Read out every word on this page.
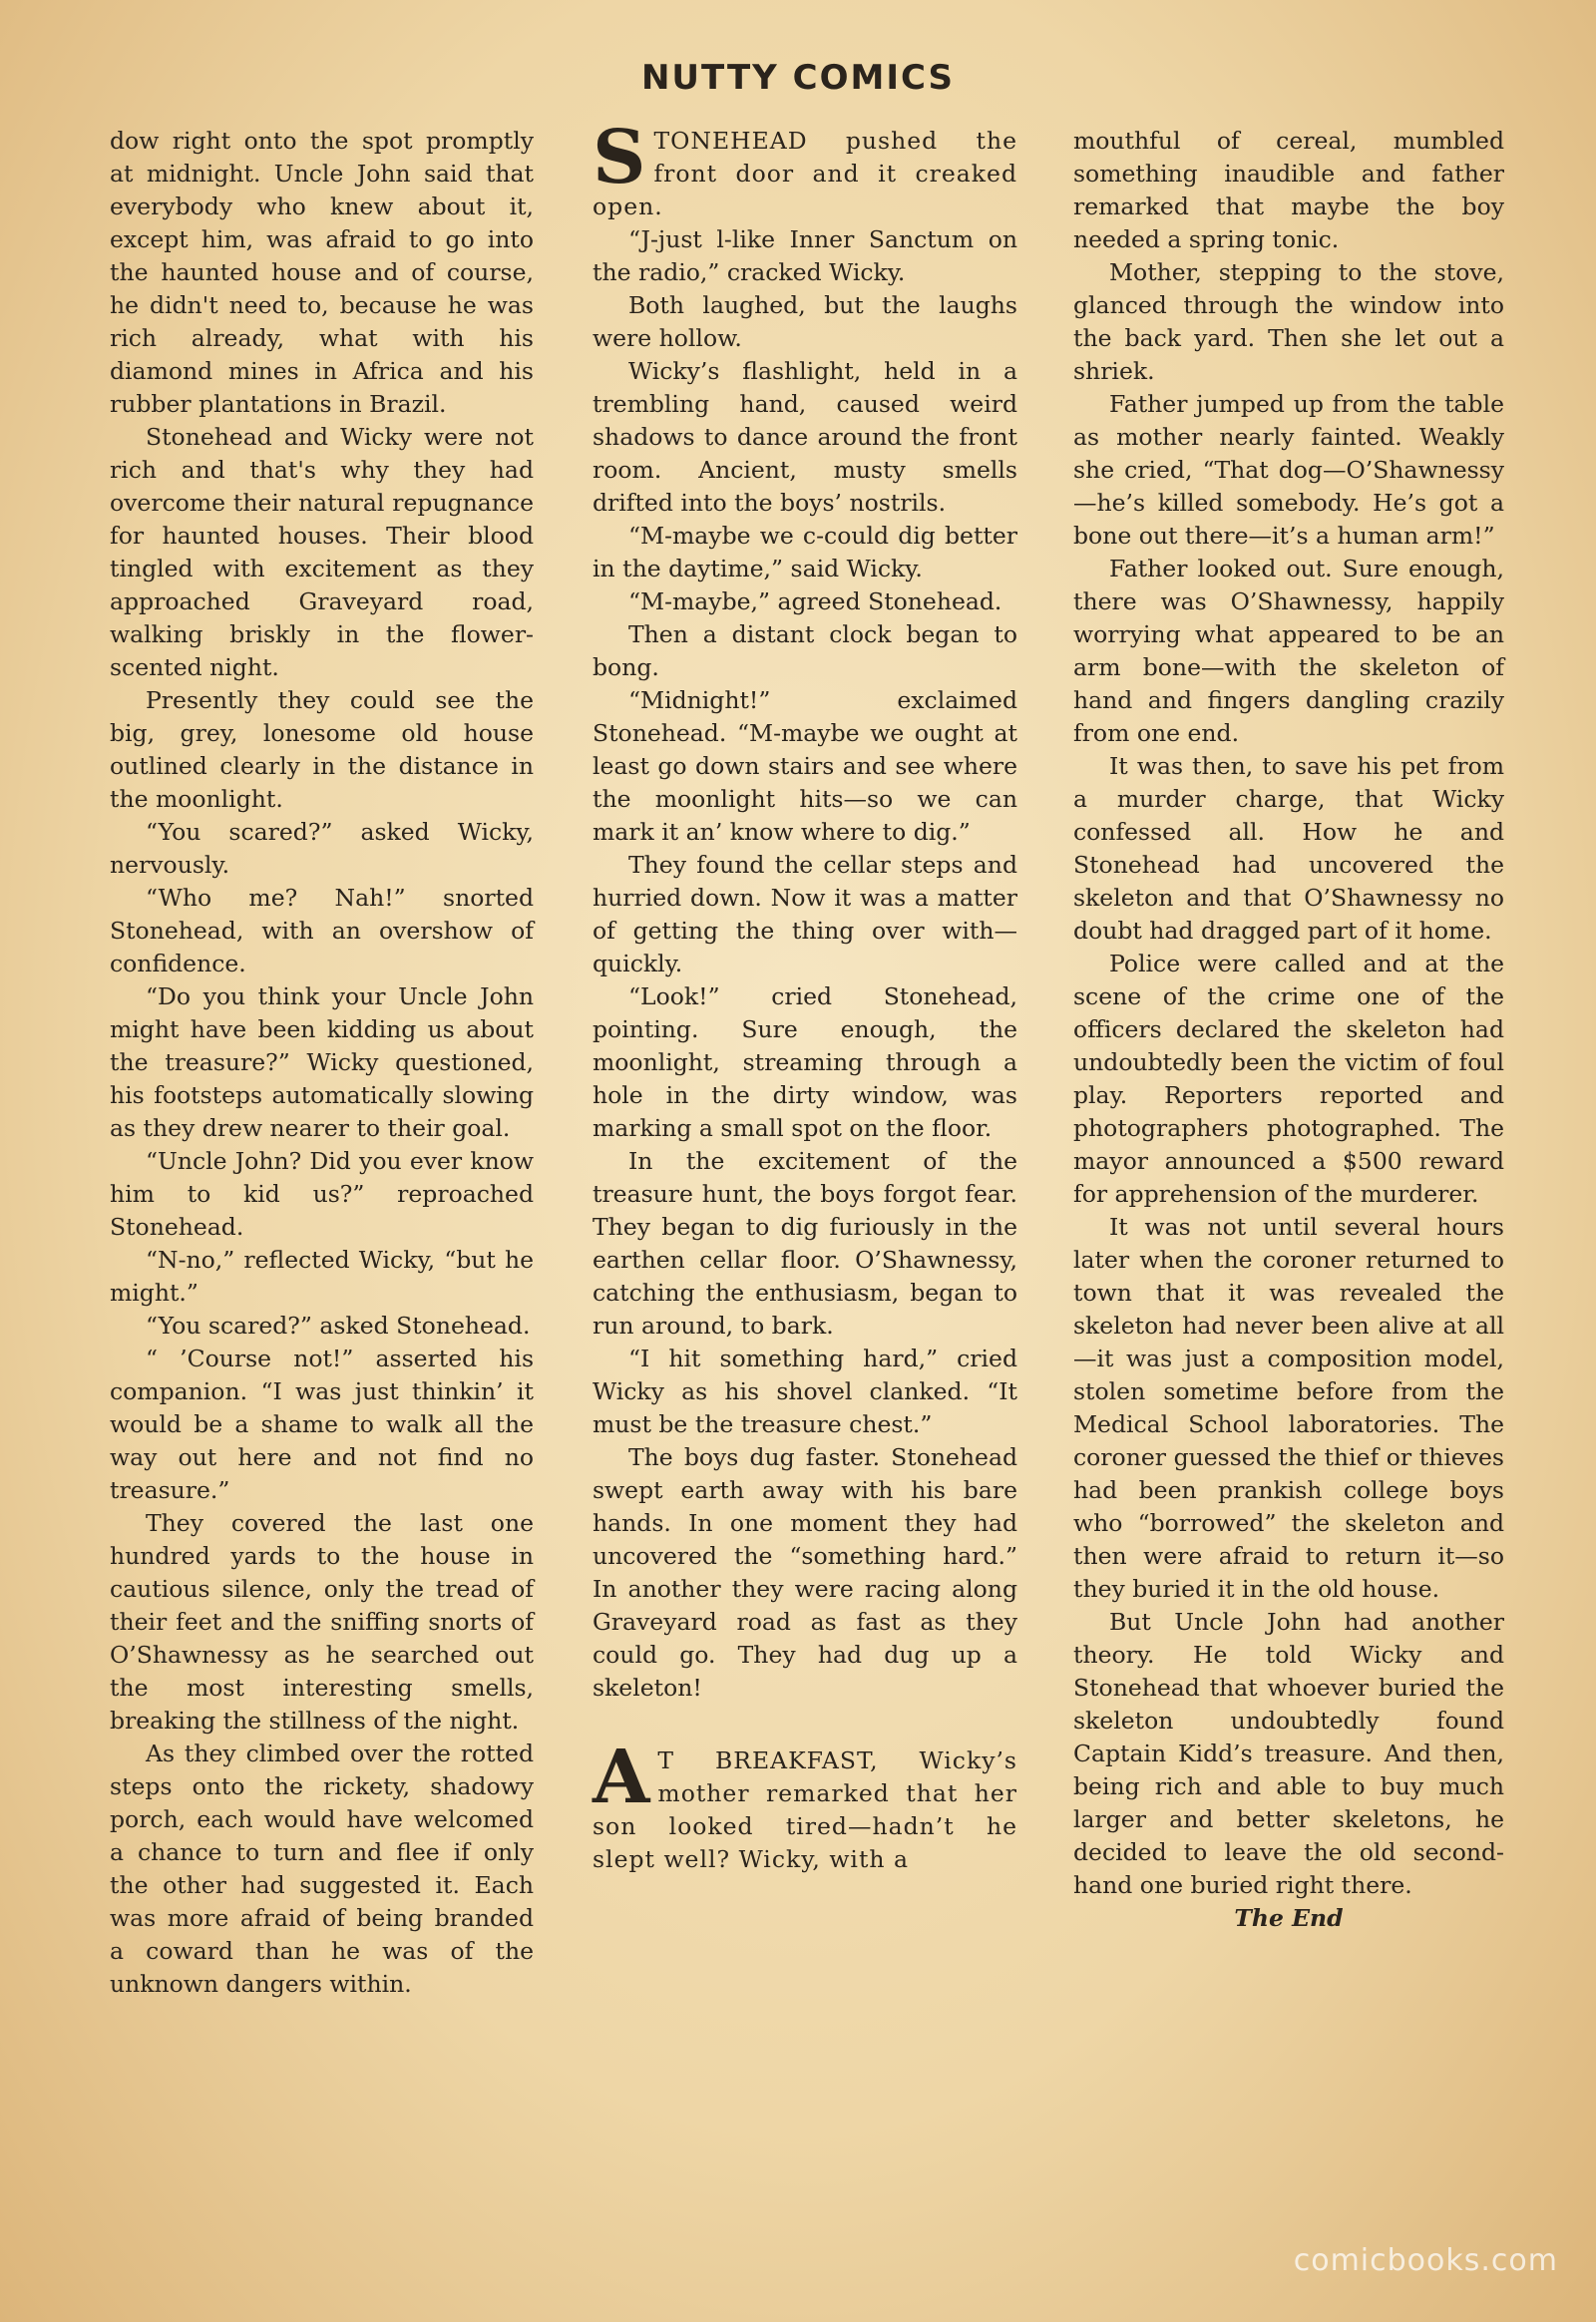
NUTTY COMICS

dow right onto the spot promptly at midnight. Uncle John said that everybody who knew about it, except him, was afraid to go into the haunted house and of course, he didn't need to, because he was rich already, what with his diamond mines in Africa and his rubber plantations in Brazil.

Stonehead and Wicky were not rich and that's why they had overcome their natural repugnance for haunted houses. Their blood tingled with excitement as they approached Graveyard road, walking briskly in the flower-scented night.

Presently they could see the big, grey, lonesome old house outlined clearly in the distance in the moonlight.

“You scared?” asked Wicky, nervously.

“Who me? Nah!” snorted Stonehead, with an overshow of confidence.

“Do you think your Uncle John might have been kidding us about the treasure?” Wicky questioned, his footsteps automatically slowing as they drew nearer to their goal.

“Uncle John? Did you ever know him to kid us?” reproached Stonehead.

“N-no,” reflected Wicky, “but he might.”

“You scared?” asked Stonehead.

“ ’Course not!” asserted his companion. “I was just thinkin’ it would be a shame to walk all the way out here and not find no treasure.”

They covered the last one hundred yards to the house in cautious silence, only the tread of their feet and the sniffing snorts of O’Shawnessy as he searched out the most interesting smells, breaking the stillness of the night.

As they climbed over the rotted steps onto the rickety, shadowy porch, each would have welcomed a chance to turn and flee if only the other had suggested it. Each was more afraid of being branded a coward than he was of the unknown dangers within.

STONEHEAD pushed the front door and it creaked open.

“J-just l-like Inner Sanctum on the radio,” cracked Wicky.

Both laughed, but the laughs were hollow.

Wicky’s flashlight, held in a trembling hand, caused weird shadows to dance around the front room. Ancient, musty smells drifted into the boys’ nostrils.

“M-maybe we c-could dig better in the daytime,” said Wicky.

“M-maybe,” agreed Stonehead.

Then a distant clock began to bong.

“Midnight!” exclaimed Stonehead. “M-maybe we ought at least go down stairs and see where the moonlight hits—so we can mark it an’ know where to dig.”

They found the cellar steps and hurried down. Now it was a matter of getting the thing over with—quickly.

“Look!” cried Stonehead, pointing. Sure enough, the moonlight, streaming through a hole in the dirty window, was marking a small spot on the floor.

In the excitement of the treasure hunt, the boys forgot fear. They began to dig furiously in the earthen cellar floor. O’Shawnessy, catching the enthusiasm, began to run around, to bark.

“I hit something hard,” cried Wicky as his shovel clanked. “It must be the treasure chest.”

The boys dug faster. Stonehead swept earth away with his bare hands. In one moment they had uncovered the “something hard.” In another they were racing along Graveyard road as fast as they could go. They had dug up a skeleton!

A T BREAKFAST, Wicky’s mother remarked that her son looked tired—hadn’t he slept well? Wicky, with a

mouthful of cereal, mumbled something inaudible and father remarked that maybe the boy needed a spring tonic.

Mother, stepping to the stove, glanced through the window into the back yard. Then she let out a shriek.

Father jumped up from the table as mother nearly fainted. Weakly she cried, “That dog—O’Shawnessy—he’s killed somebody. He’s got a bone out there—it’s a human arm!”

Father looked out. Sure enough, there was O’Shawnessy, happily worrying what appeared to be an arm bone—with the skeleton of hand and fingers dangling crazily from one end.

It was then, to save his pet from a murder charge, that Wicky confessed all. How he and Stonehead had uncovered the skeleton and that O’Shawnessy no doubt had dragged part of it home.

Police were called and at the scene of the crime one of the officers declared the skeleton had undoubtedly been the victim of foul play. Reporters reported and photographers photographed. The mayor announced a $500 reward for apprehension of the murderer.

It was not until several hours later when the coroner returned to town that it was revealed the skeleton had never been alive at all—it was just a composition model, stolen sometime before from the Medical School laboratories. The coroner guessed the thief or thieves had been prankish college boys who “borrowed” the skeleton and then were afraid to return it—so they buried it in the old house.

But Uncle John had another theory. He told Wicky and Stonehead that whoever buried the skeleton undoubtedly found Captain Kidd’s treasure. And then, being rich and able to buy much larger and better skeletons, he decided to leave the old second-hand one buried right there.

The End

comicbooks.com
